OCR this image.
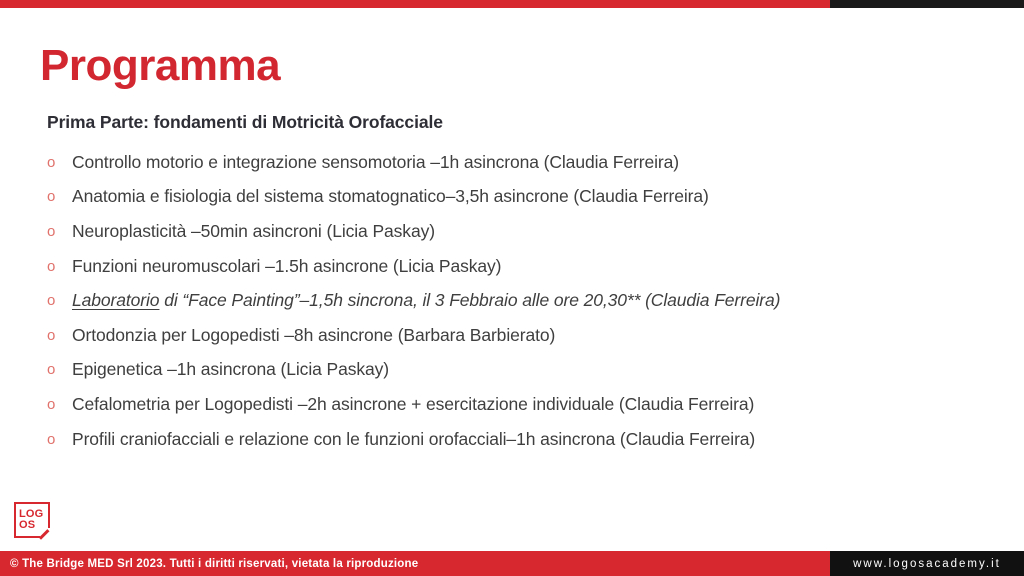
Programma
Prima Parte: fondamenti di Motricità Orofacciale
o Controllo motorio e integrazione sensomotoria –1h asincrona (Claudia Ferreira)
o Anatomia e fisiologia del sistema stomatognatico–3,5h asincrone (Claudia Ferreira)
o Neuroplasticità –50min asincroni (Licia Paskay)
o Funzioni neuromuscolari –1.5h asincrone (Licia Paskay)
o Laboratorio di “Face Painting”–1,5h sincrona, il 3 Febbraio alle ore 20,30** (Claudia Ferreira)
o Ortodonzia per Logopedisti –8h asincrone (Barbara Barbierato)
o Epigenetica –1h asincrona (Licia Paskay)
o Cefalometria per Logopedisti –2h asincrone + esercitazione individuale (Claudia Ferreira)
o Profili craniofacciali e relazione con le funzioni orofacciali–1h asincrona (Claudia Ferreira)
LOG
OS
© The Bridge MED Srl 2023. Tutti i diritti riservati, vietata la riproduzione	www.logosacademy.it
